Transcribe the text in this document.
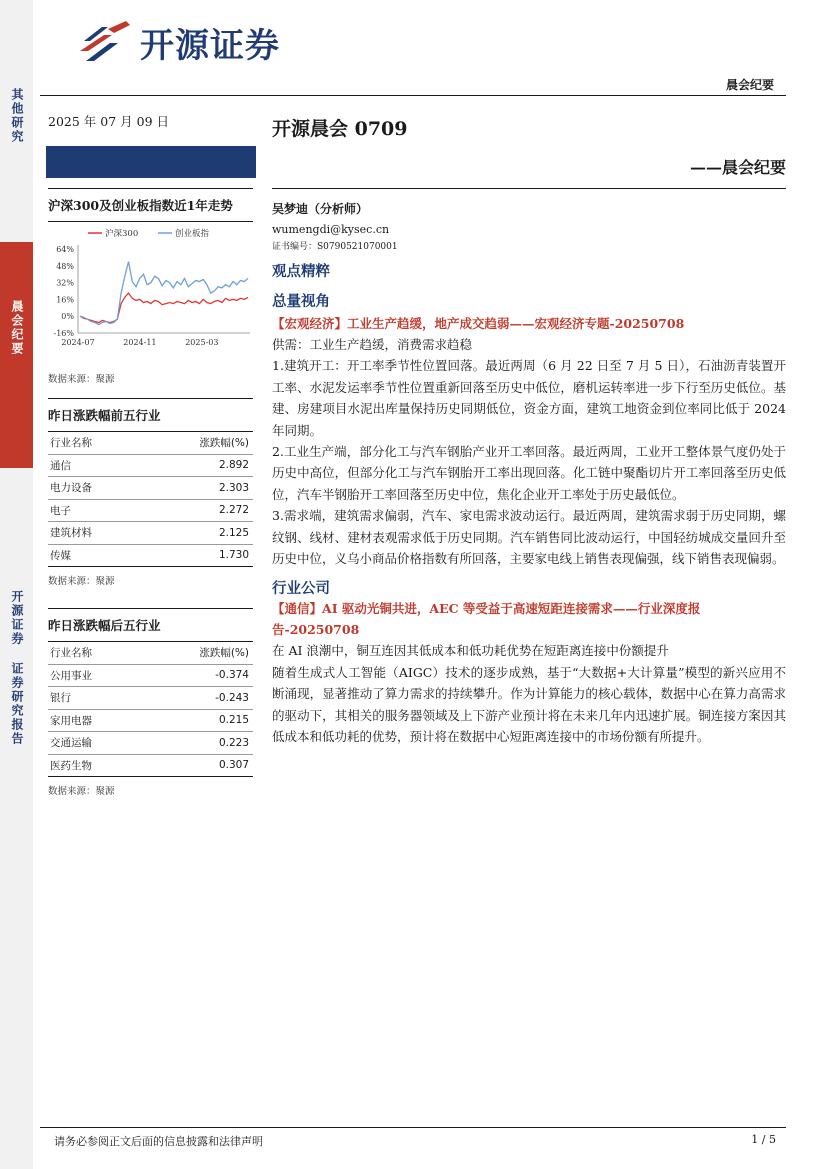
其他研究
晨会纪要
开源证券 证券研究报告
开源证券
晨会纪要
2025 年 07 月 09 日	开源晨会 0709
——晨会纪要
沪深300及创业板指数近1年走势
沪深300	创业板指
64%
48%
32%
16%
0%
-16%
2024-07	2024-11	2025-03
数据来源：聚源
昨日涨跌幅前五行业
行业名称	涨跌幅(%)
通信	2.892
电力设备	2.303
电子	2.272
建筑材料	2.125
传媒	1.730
数据来源：聚源
昨日涨跌幅后五行业
行业名称	涨跌幅(%)
公用事业	-0.374
银行	-0.243
家用电器	0.215
交通运输	0.223
医药生物	0.307
数据来源：聚源
吴梦迪（分析师）
wumengdi@kysec.cn
证书编号：S0790521070001
观点精粹
总量视角
【宏观经济】工业生产趋缓，地产成交趋弱——宏观经济专题-20250708
供需：工业生产趋缓，消费需求趋稳
1.建筑开工：开工率季节性位置回落。最近两周（6 月 22 日至 7 月 5 日），石油沥青装置开工率、水泥发运率季节性位置重新回落至历史中低位，磨机运转率进一步下行至历史低位。基建、房建项目水泥出库量保持历史同期低位，资金方面，建筑工地资金到位率同比低于 2024 年同期。
2.工业生产端，部分化工与汽车钢胎产业开工率回落。最近两周，工业开工整体景气度仍处于历史中高位，但部分化工与汽车钢胎开工率出现回落。化工链中聚酯切片开工率回落至历史低位，汽车半钢胎开工率回落至历史中位，焦化企业开工率处于历史最低位。
3.需求端，建筑需求偏弱，汽车、家电需求波动运行。最近两周，建筑需求弱于历史同期，螺纹钢、线材、建材表观需求低于历史同期。汽车销售同比波动运行，中国轻纺城成交量回升至历史中位，义乌小商品价格指数有所回落，主要家电线上销售表现偏强，线下销售表现偏弱。
行业公司
【通信】AI 驱动光铜共进，AEC 等受益于高速短距连接需求——行业深度报告-20250708
在 AI 浪潮中，铜互连因其低成本和低功耗优势在短距离连接中份额提升
随着生成式人工智能（AIGC）技术的逐步成熟，基于“大数据+大计算量”模型的新兴应用不断涌现，显著推动了算力需求的持续攀升。作为计算能力的核心载体，数据中心在算力高需求的驱动下，其相关的服务器领域及上下游产业预计将在未来几年内迅速扩展。铜连接方案因其低成本和低功耗的优势，预计将在数据中心短距离连接中的市场份额有所提升。
请务必参阅正文后面的信息披露和法律声明	1 / 5
